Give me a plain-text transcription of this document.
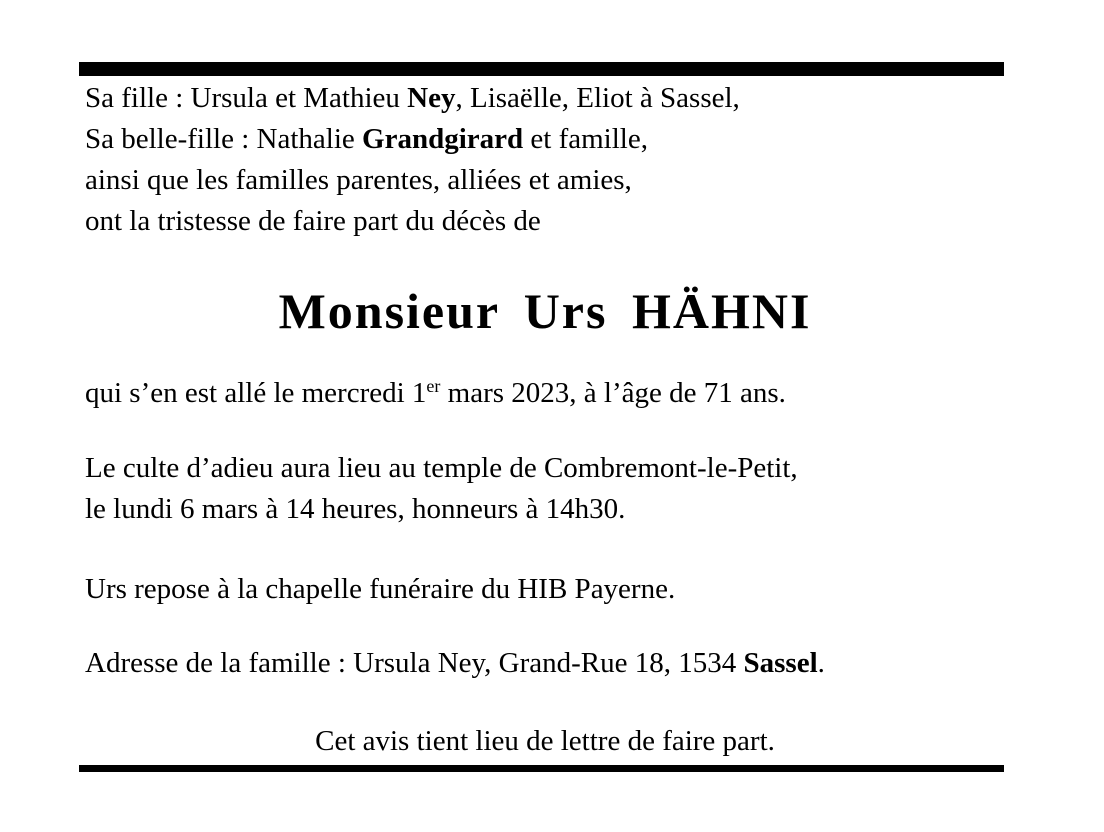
Sa fille : Ursula et Mathieu Ney, Lisaëlle, Eliot à Sassel,
Sa belle-fille : Nathalie Grandgirard et famille,
ainsi que les familles parentes, alliées et amies,
ont la tristesse de faire part du décès de

Monsieur Urs HÄHNI

qui s’en est allé le mercredi 1er mars 2023, à l’âge de 71 ans.

Le culte d’adieu aura lieu au temple de Combremont-le-Petit,
le lundi 6 mars à 14 heures, honneurs à 14h30.

Urs repose à la chapelle funéraire du HIB Payerne.

Adresse de la famille : Ursula Ney, Grand-Rue 18, 1534 Sassel.

Cet avis tient lieu de lettre de faire part.
